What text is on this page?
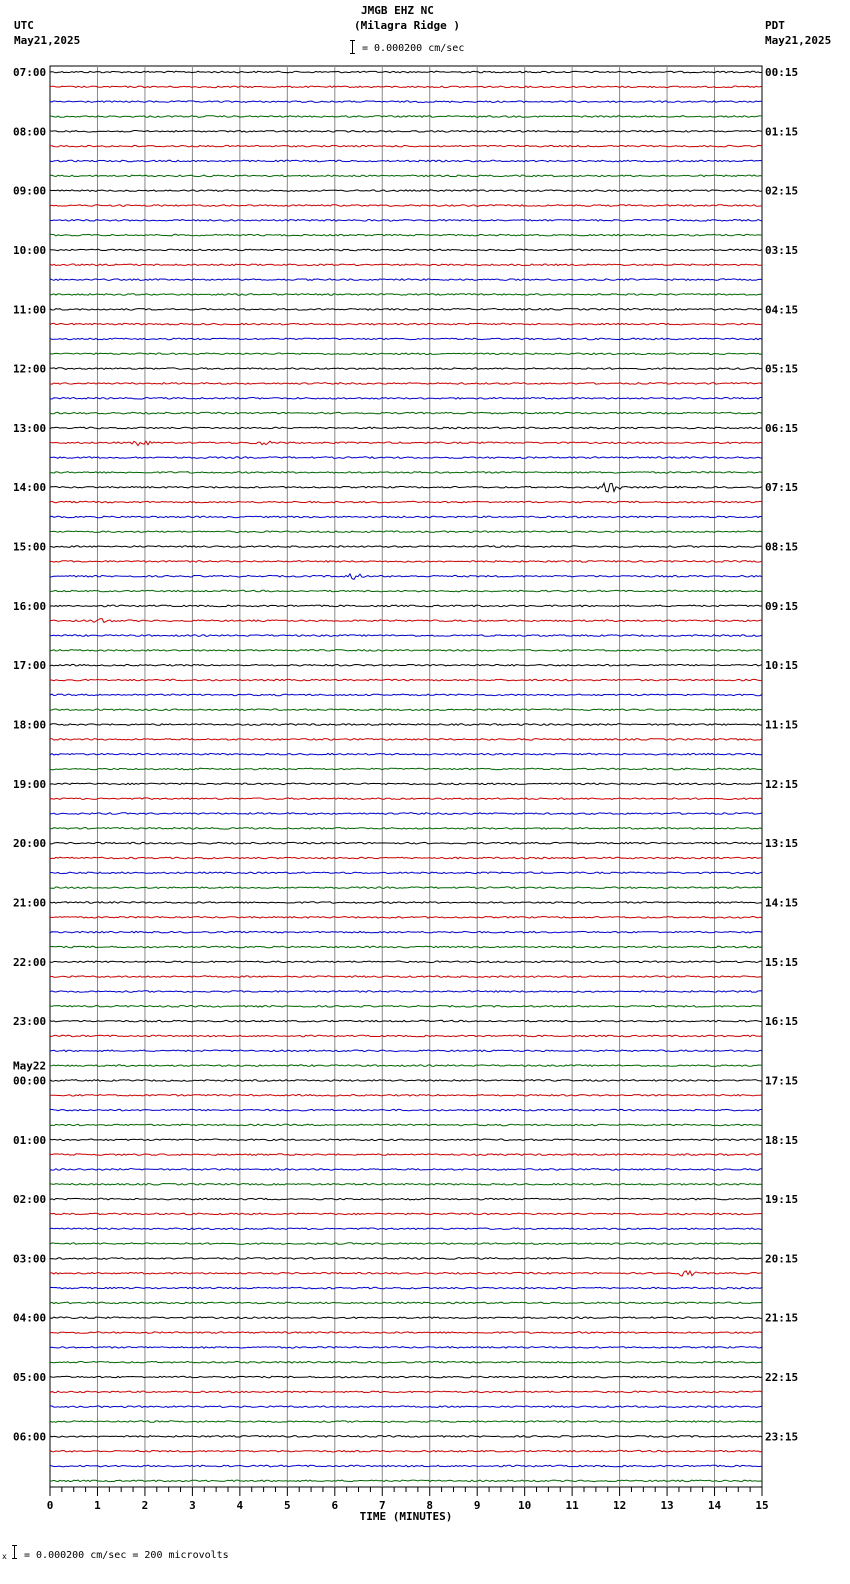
JMGB EHZ NC
(Milagra Ridge )
= 0.000200 cm/sec
UTC
May21,2025
PDT
May21,2025
07:00
08:00
09:00
10:00
11:00
12:00
13:00
14:00
15:00
16:00
17:00
18:00
19:00
20:00
21:00
22:00
23:00
00:00
01:00
02:00
03:00
04:00
05:00
06:00
00:15
01:15
02:15
03:15
04:15
05:15
06:15
07:15
08:15
09:15
10:15
11:15
12:15
13:15
14:15
15:15
16:15
17:15
18:15
19:15
20:15
21:15
22:15
23:15
May22
0	1	2	3	4	5	6	7	8	9	10	11	12	13	14	15
TIME (MINUTES)
x = 0.000200 cm/sec = 200 microvolts
